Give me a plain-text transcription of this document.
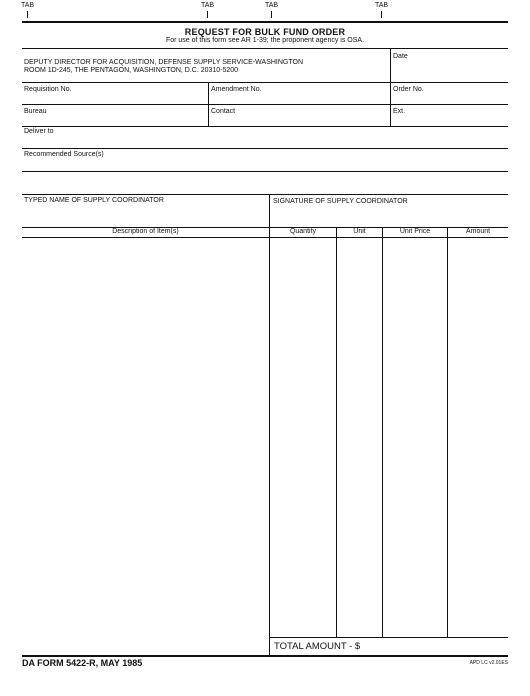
TAB	TAB	TAB	TAB
REQUEST FOR BULK FUND ORDER
For use of this form see AR 1-39; the proponent agency is OSA.
DEPUTY DIRECTOR FOR ACQUISITION, DEFENSE SUPPLY SERVICE-WASHINGTON
ROOM 1D-245, THE PENTAGON, WASHINGTON, D.C. 20310-5200
Date
Requisition No.	Amendment No.	Order No.
Bureau	Contact	Ext.
Deliver to
Recommended Source(s)
TYPED NAME OF SUPPLY COORDINATOR	SIGNATURE OF SUPPLY COORDINATOR
Description of Item(s)	Quantity	Unit	Unit Price	Amount
TOTAL AMOUNT - $
DA FORM 5422-R, MAY 1985	APD LC v2.01ES
